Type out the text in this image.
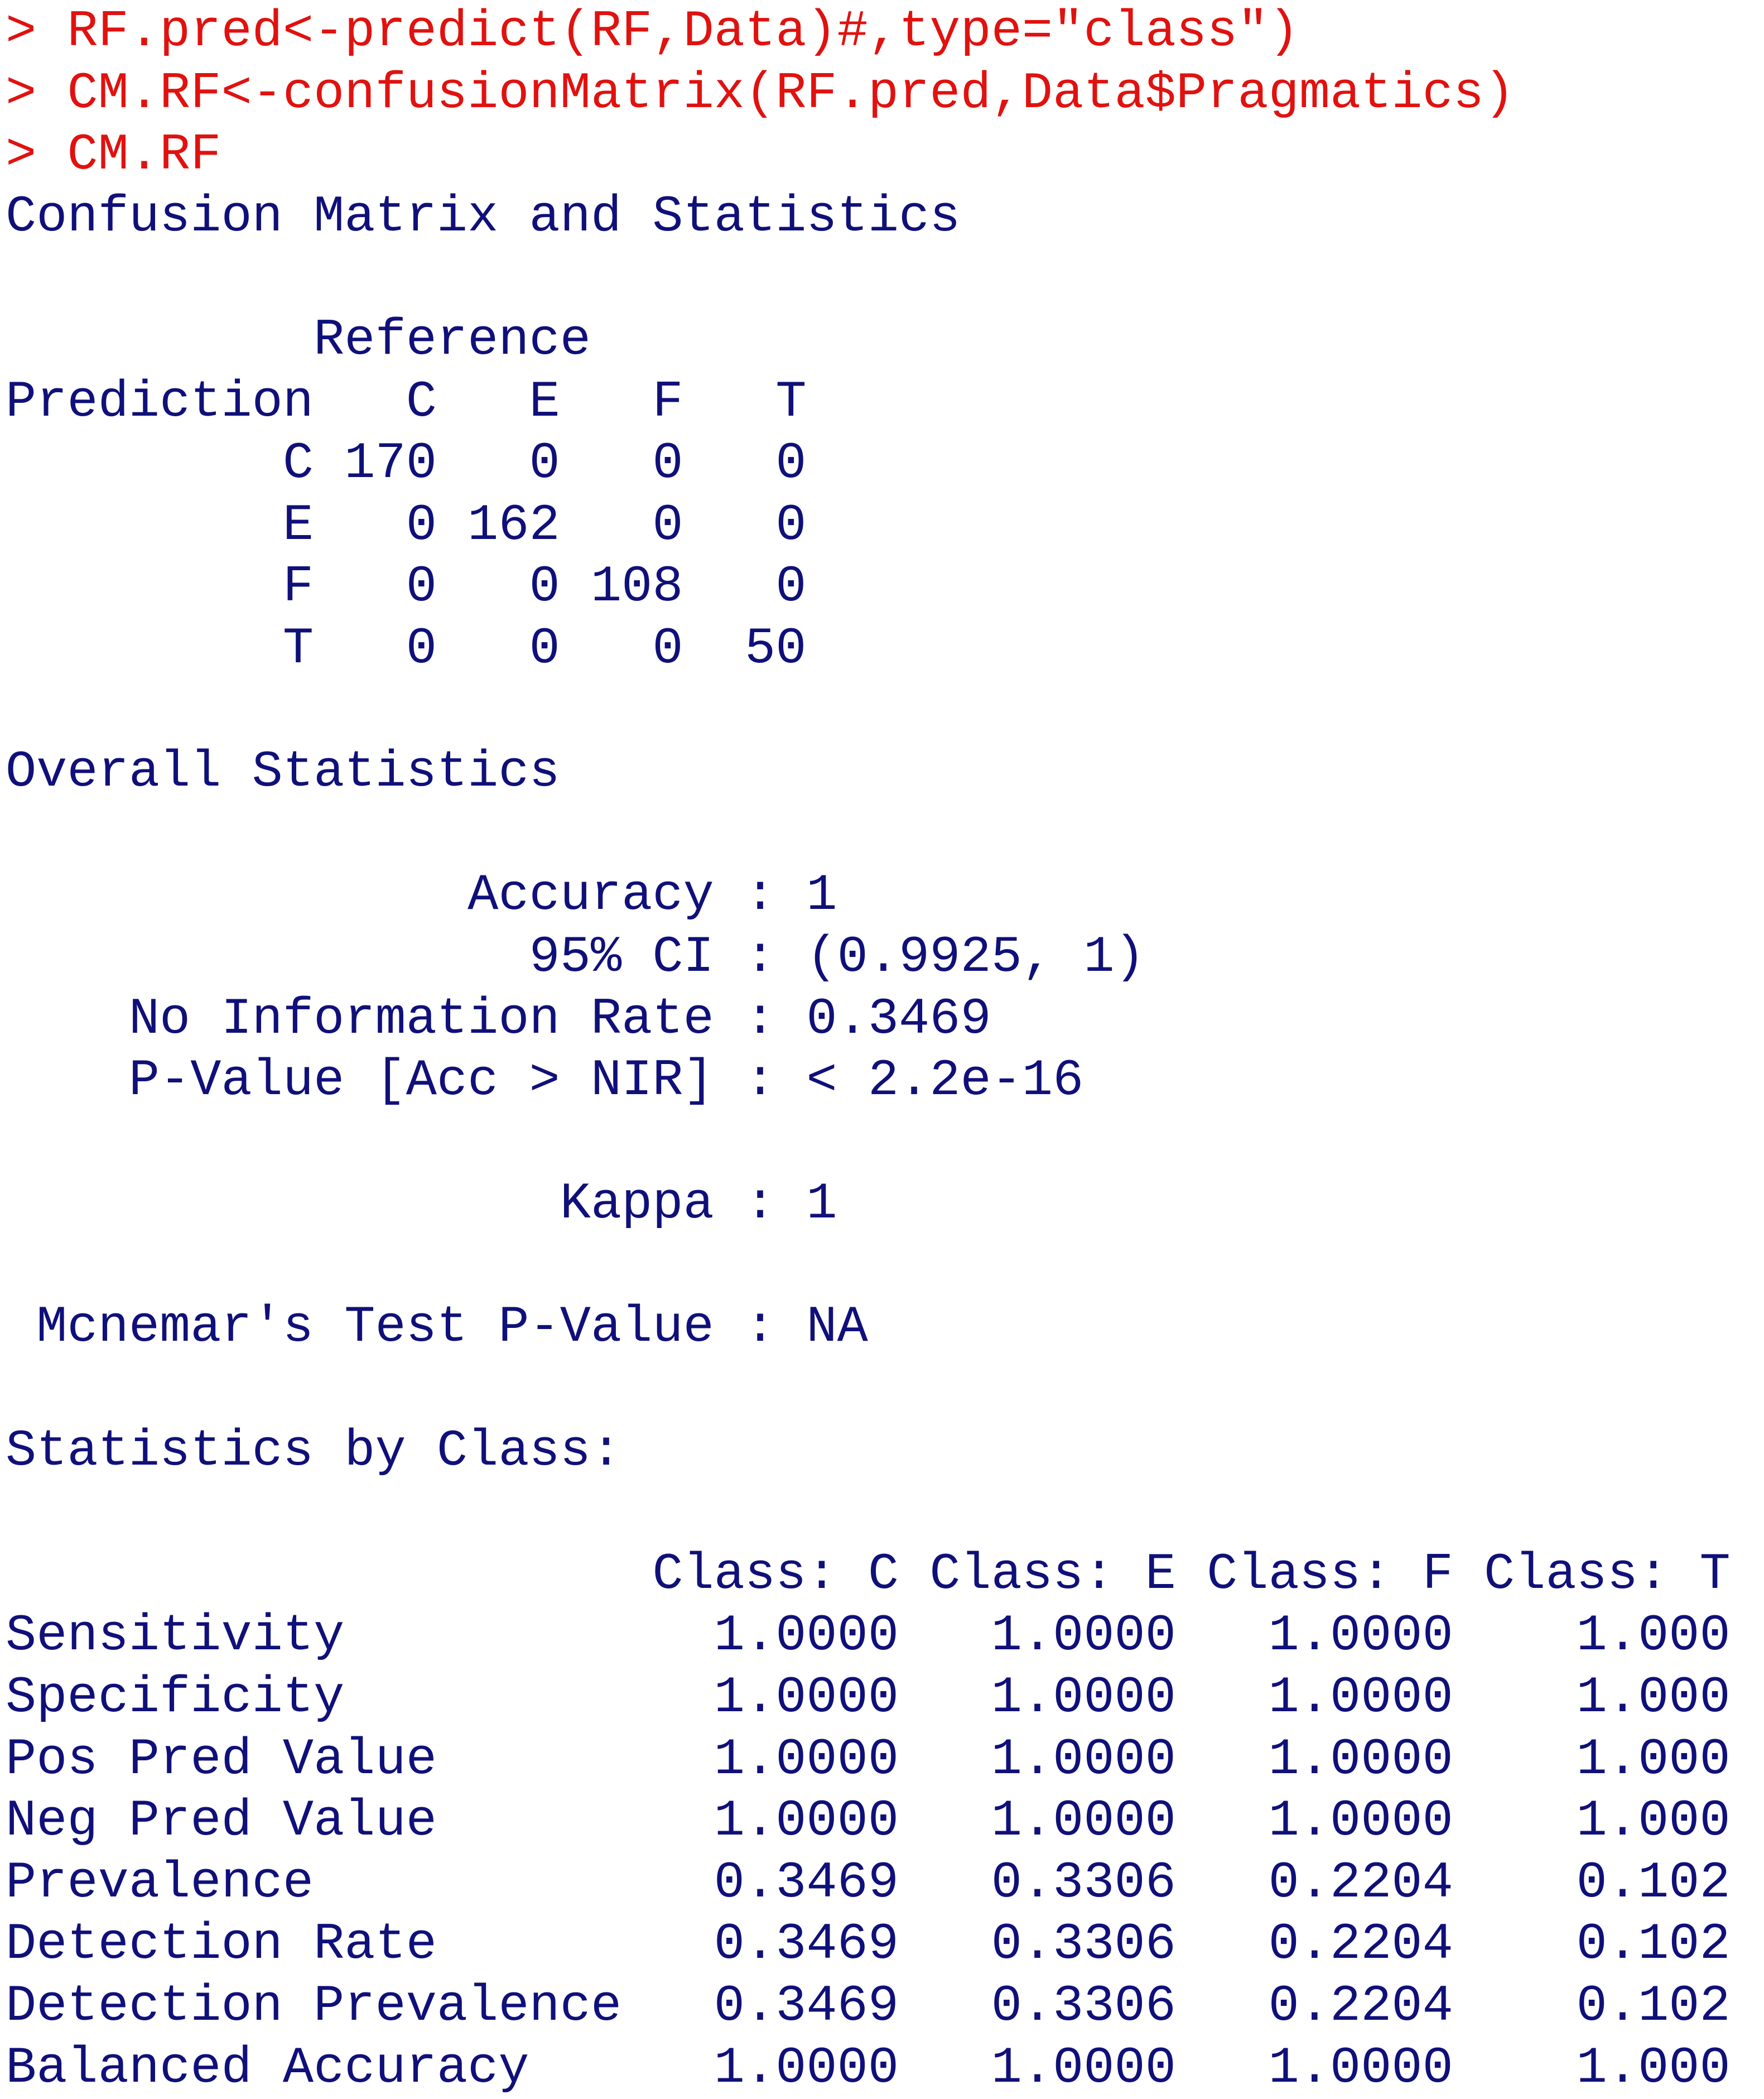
> RF.pred<-predict(RF,Data)#,type="class")
> CM.RF<-confusionMatrix(RF.pred,Data$Pragmatics)
> CM.RF
Confusion Matrix and Statistics
Reference
Prediction   C   E   F   T
C 170   0   0   0
E   0 162   0   0
F   0   0 108   0
T   0   0   0  50
Overall Statistics
Accuracy : 1
95% CI : (0.9925, 1)
No Information Rate : 0.3469
P-Value [Acc > NIR] : < 2.2e-16
Kappa : 1
Mcnemar's Test P-Value : NA
Statistics by Class:
Class: C Class: E Class: F Class: T
Sensitivity            1.0000   1.0000   1.0000    1.000
Specificity            1.0000   1.0000   1.0000    1.000
Pos Pred Value         1.0000   1.0000   1.0000    1.000
Neg Pred Value         1.0000   1.0000   1.0000    1.000
Prevalence             0.3469   0.3306   0.2204    0.102
Detection Rate         0.3469   0.3306   0.2204    0.102
Detection Prevalence   0.3469   0.3306   0.2204    0.102
Balanced Accuracy      1.0000   1.0000   1.0000    1.000
